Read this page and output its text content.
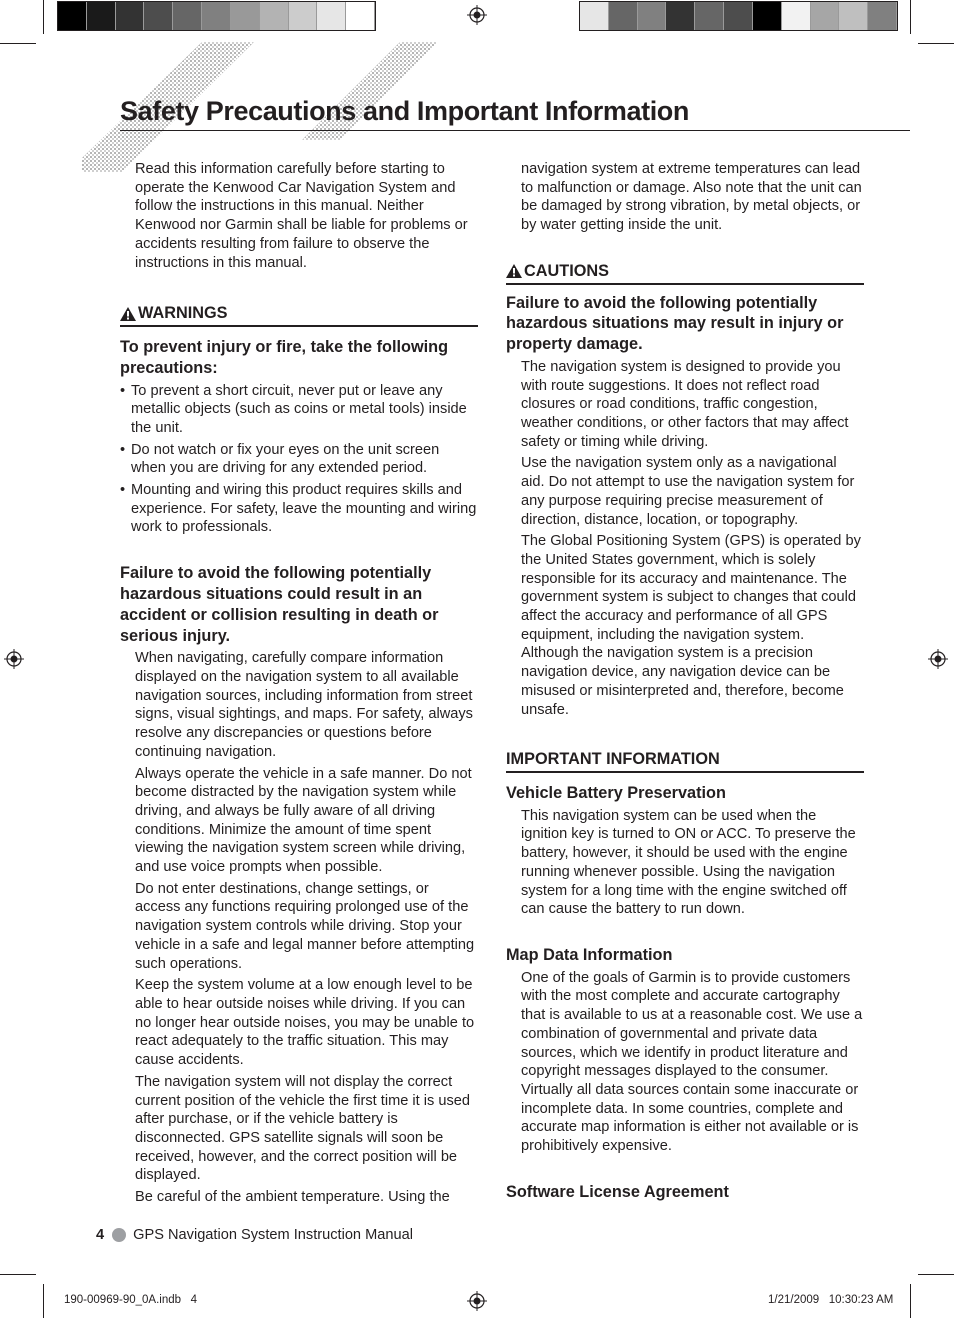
Safety Precautions and Important Information

Read this information carefully before starting to operate the Kenwood Car Navigation System and follow the instructions in this manual. Neither Kenwood nor Garmin shall be liable for problems or accidents resulting from failure to observe the instructions in this manual.

WARNINGS

To prevent injury or fire, take the following precautions:

• To prevent a short circuit, never put or leave any metallic objects (such as coins or metal tools) inside the unit.

• Do not watch or fix your eyes on the unit screen when you are driving for any extended period.

• Mounting and wiring this product requires skills and experience. For safety, leave the mounting and wiring work to professionals.

Failure to avoid the following potentially hazardous situations could result in an accident or collision resulting in death or serious injury.

When navigating, carefully compare information displayed on the navigation system to all available navigation sources, including information from street signs, visual sightings, and maps. For safety, always resolve any discrepancies or questions before continuing navigation.

Always operate the vehicle in a safe manner. Do not become distracted by the navigation system while driving, and always be fully aware of all driving conditions. Minimize the amount of time spent viewing the navigation system screen while driving, and use voice prompts when possible.

Do not enter destinations, change settings, or access any functions requiring prolonged use of the navigation system controls while driving. Stop your vehicle in a safe and legal manner before attempting such operations.

Keep the system volume at a low enough level to be able to hear outside noises while driving. If you can no longer hear outside noises, you may be unable to react adequately to the traffic situation. This may cause accidents.

The navigation system will not display the correct current position of the vehicle the first time it is used after purchase, or if the vehicle battery is disconnected. GPS satellite signals will soon be received, however, and the correct position will be displayed.

Be careful of the ambient temperature. Using the

navigation system at extreme temperatures can lead to malfunction or damage. Also note that the unit can be damaged by strong vibration, by metal objects, or by water getting inside the unit.

CAUTIONS

Failure to avoid the following potentially hazardous situations may result in injury or property damage.

The navigation system is designed to provide you with route suggestions. It does not reflect road closures or road conditions, traffic congestion, weather conditions, or other factors that may affect safety or timing while driving.

Use the navigation system only as a navigational aid. Do not attempt to use the navigation system for any purpose requiring precise measurement of direction, distance, location, or topography.

The Global Positioning System (GPS) is operated by the United States government, which is solely responsible for its accuracy and maintenance. The government system is subject to changes that could affect the accuracy and performance of all GPS equipment, including the navigation system. Although the navigation system is a precision navigation device, any navigation device can be misused or misinterpreted and, therefore, become unsafe.

IMPORTANT INFORMATION

Vehicle Battery Preservation

This navigation system can be used when the ignition key is turned to ON or ACC. To preserve the battery, however, it should be used with the engine running whenever possible. Using the navigation system for a long time with the engine switched off can cause the battery to run down.

Map Data Information

One of the goals of Garmin is to provide customers with the most complete and accurate cartography that is available to us at a reasonable cost. We use a combination of governmental and private data sources, which we identify in product literature and copyright messages displayed to the consumer. Virtually all data sources contain some inaccurate or incomplete data. In some countries, complete and accurate map information is either not available or is prohibitively expensive.

Software License Agreement

4 GPS Navigation System Instruction Manual
190-00969-90_0A.indb   4	1/21/2009   10:30:23 AM
